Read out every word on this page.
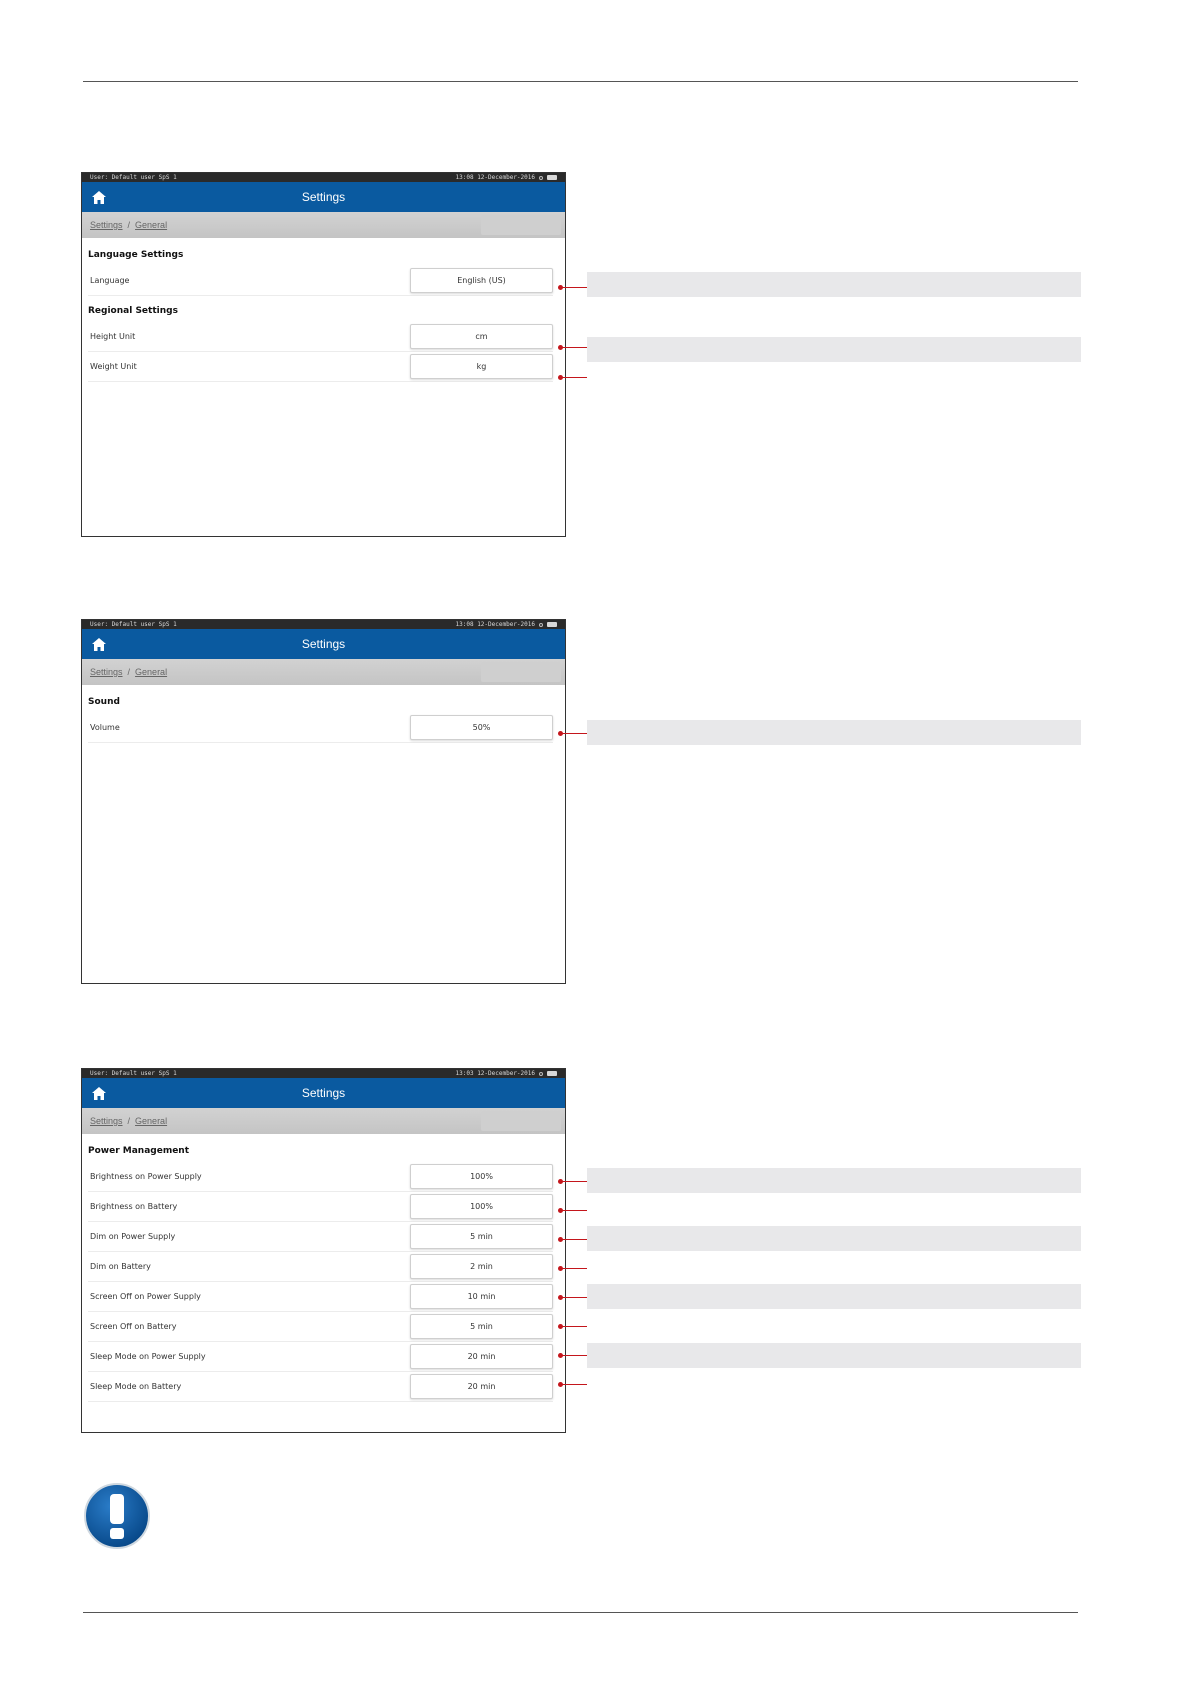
User: Default user SpS 1	13:08 12-December-2016
Settings
Settings / General
Language Settings
Language	English (US)
Regional Settings
Height Unit	cm
Weight Unit	kg
User: Default user SpS 1	13:08 12-December-2016
Settings
Settings / General
Sound
Volume	50%
User: Default user SpS 1	13:03 12-December-2016
Settings
Settings / General
Power Management
Brightness on Power Supply	100%
Brightness on Battery	100%
Dim on Power Supply	5 min
Dim on Battery	2 min
Screen Off on Power Supply	10 min
Screen Off on Battery	5 min
Sleep Mode on Power Supply	20 min
Sleep Mode on Battery	20 min
